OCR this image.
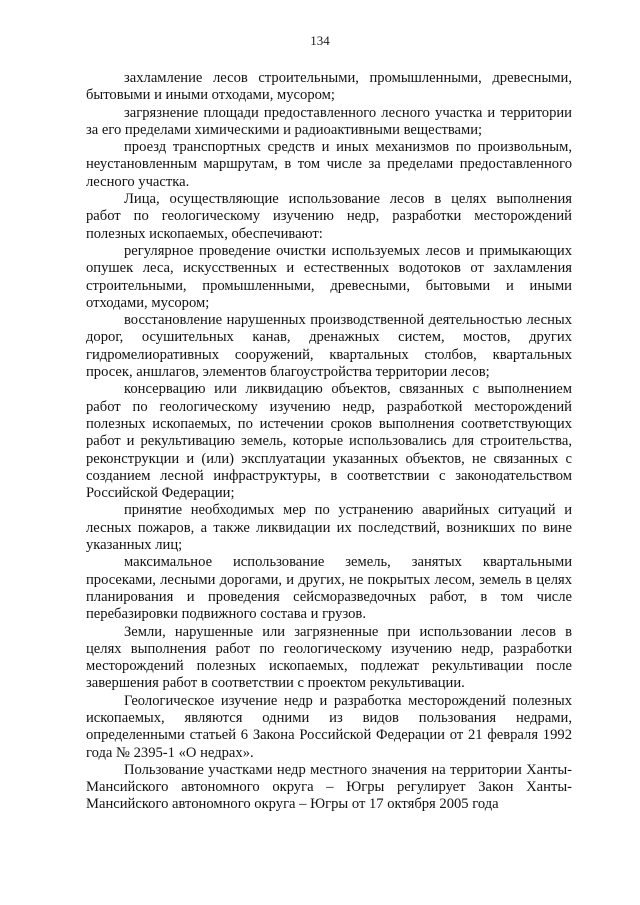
134

захламление лесов строительными, промышленными, древесными, бытовыми и иными отходами, мусором;

загрязнение площади предоставленного лесного участка и территории за его пределами химическими и радиоактивными веществами;

проезд транспортных средств и иных механизмов по произвольным, неустановленным маршрутам, в том числе за пределами предоставленного лесного участка.

Лица, осуществляющие использование лесов в целях выполнения работ по геологическому изучению недр, разработки месторождений полезных ископаемых, обеспечивают:

регулярное проведение очистки используемых лесов и примыкающих опушек леса, искусственных и естественных водотоков от захламления строительными, промышленными, древесными, бытовыми и иными отходами, мусором;

восстановление нарушенных производственной деятельностью лесных дорог, осушительных канав, дренажных систем, мостов, других гидромелиоративных сооружений, квартальных столбов, квартальных просек, аншлагов, элементов благоустройства территории лесов;

консервацию или ликвидацию объектов, связанных с выполнением работ по геологическому изучению недр, разработкой месторождений полезных ископаемых, по истечении сроков выполнения соответствующих работ и рекультивацию земель, которые использовались для строительства, реконструкции и (или) эксплуатации указанных объектов, не связанных с созданием лесной инфраструктуры, в соответствии с законодательством Российской Федерации;

принятие необходимых мер по устранению аварийных ситуаций и лесных пожаров, а также ликвидации их последствий, возникших по вине указанных лиц;

максимальное использование земель, занятых квартальными просеками, лесными дорогами, и других, не покрытых лесом, земель в целях планирования и проведения сейсморазведочных работ, в том числе перебазировки подвижного состава и грузов.

Земли, нарушенные или загрязненные при использовании лесов в целях выполнения работ по геологическому изучению недр, разработки месторождений полезных ископаемых, подлежат рекультивации после завершения работ в соответствии с проектом рекультивации.

Геологическое изучение недр и разработка месторождений полезных ископаемых, являются одними из видов пользования недрами, определенными статьей 6 Закона Российской Федерации от 21 февраля 1992 года № 2395-1 «О недрах».

Пользование участками недр местного значения на территории Ханты-Мансийского автономного округа – Югры регулирует Закон Ханты-Мансийского автономного округа – Югры от 17 октября 2005 года
